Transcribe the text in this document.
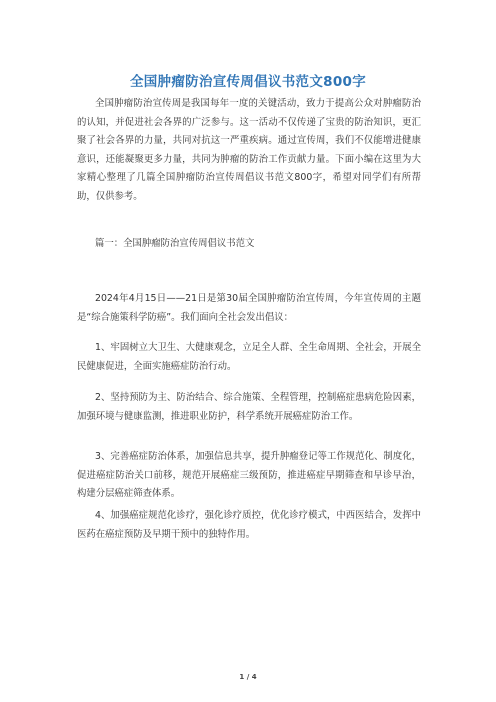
全国肿瘤防治宣传周倡议书范文800字
全国肿瘤防治宣传周是我国每年一度的关键活动，致力于提高公众对肿瘤防治的认知，并促进社会各界的广泛参与。这一活动不仅传递了宝贵的防治知识，更汇聚了社会各界的力量，共同对抗这一严重疾病。通过宣传周，我们不仅能增进健康意识，还能凝聚更多力量，共同为肿瘤的防治工作贡献力量。下面小编在这里为大家精心整理了几篇全国肿瘤防治宣传周倡议书范文800字，希望对同学们有所帮助，仅供参考。
篇一：全国肿瘤防治宣传周倡议书范文
2024年4月15日——21日是第30届全国肿瘤防治宣传周，今年宣传周的主题是“综合施策科学防癌”。我们面向全社会发出倡议：
1、牢固树立大卫生、大健康观念，立足全人群、全生命周期、全社会，开展全民健康促进，全面实施癌症防治行动。
2、坚持预防为主、防治结合、综合施策、全程管理，控制癌症患病危险因素，加强环境与健康监测，推进职业防护，科学系统开展癌症防治工作。
3、完善癌症防治体系，加强信息共享，提升肿瘤登记等工作规范化、制度化，促进癌症防治关口前移，规范开展癌症三级预防，推进癌症早期筛查和早诊早治，构建分层癌症筛查体系。
4、加强癌症规范化诊疗，强化诊疗质控，优化诊疗模式，中西医结合，发挥中医药在癌症预防及早期干预中的独特作用。
1 / 4
